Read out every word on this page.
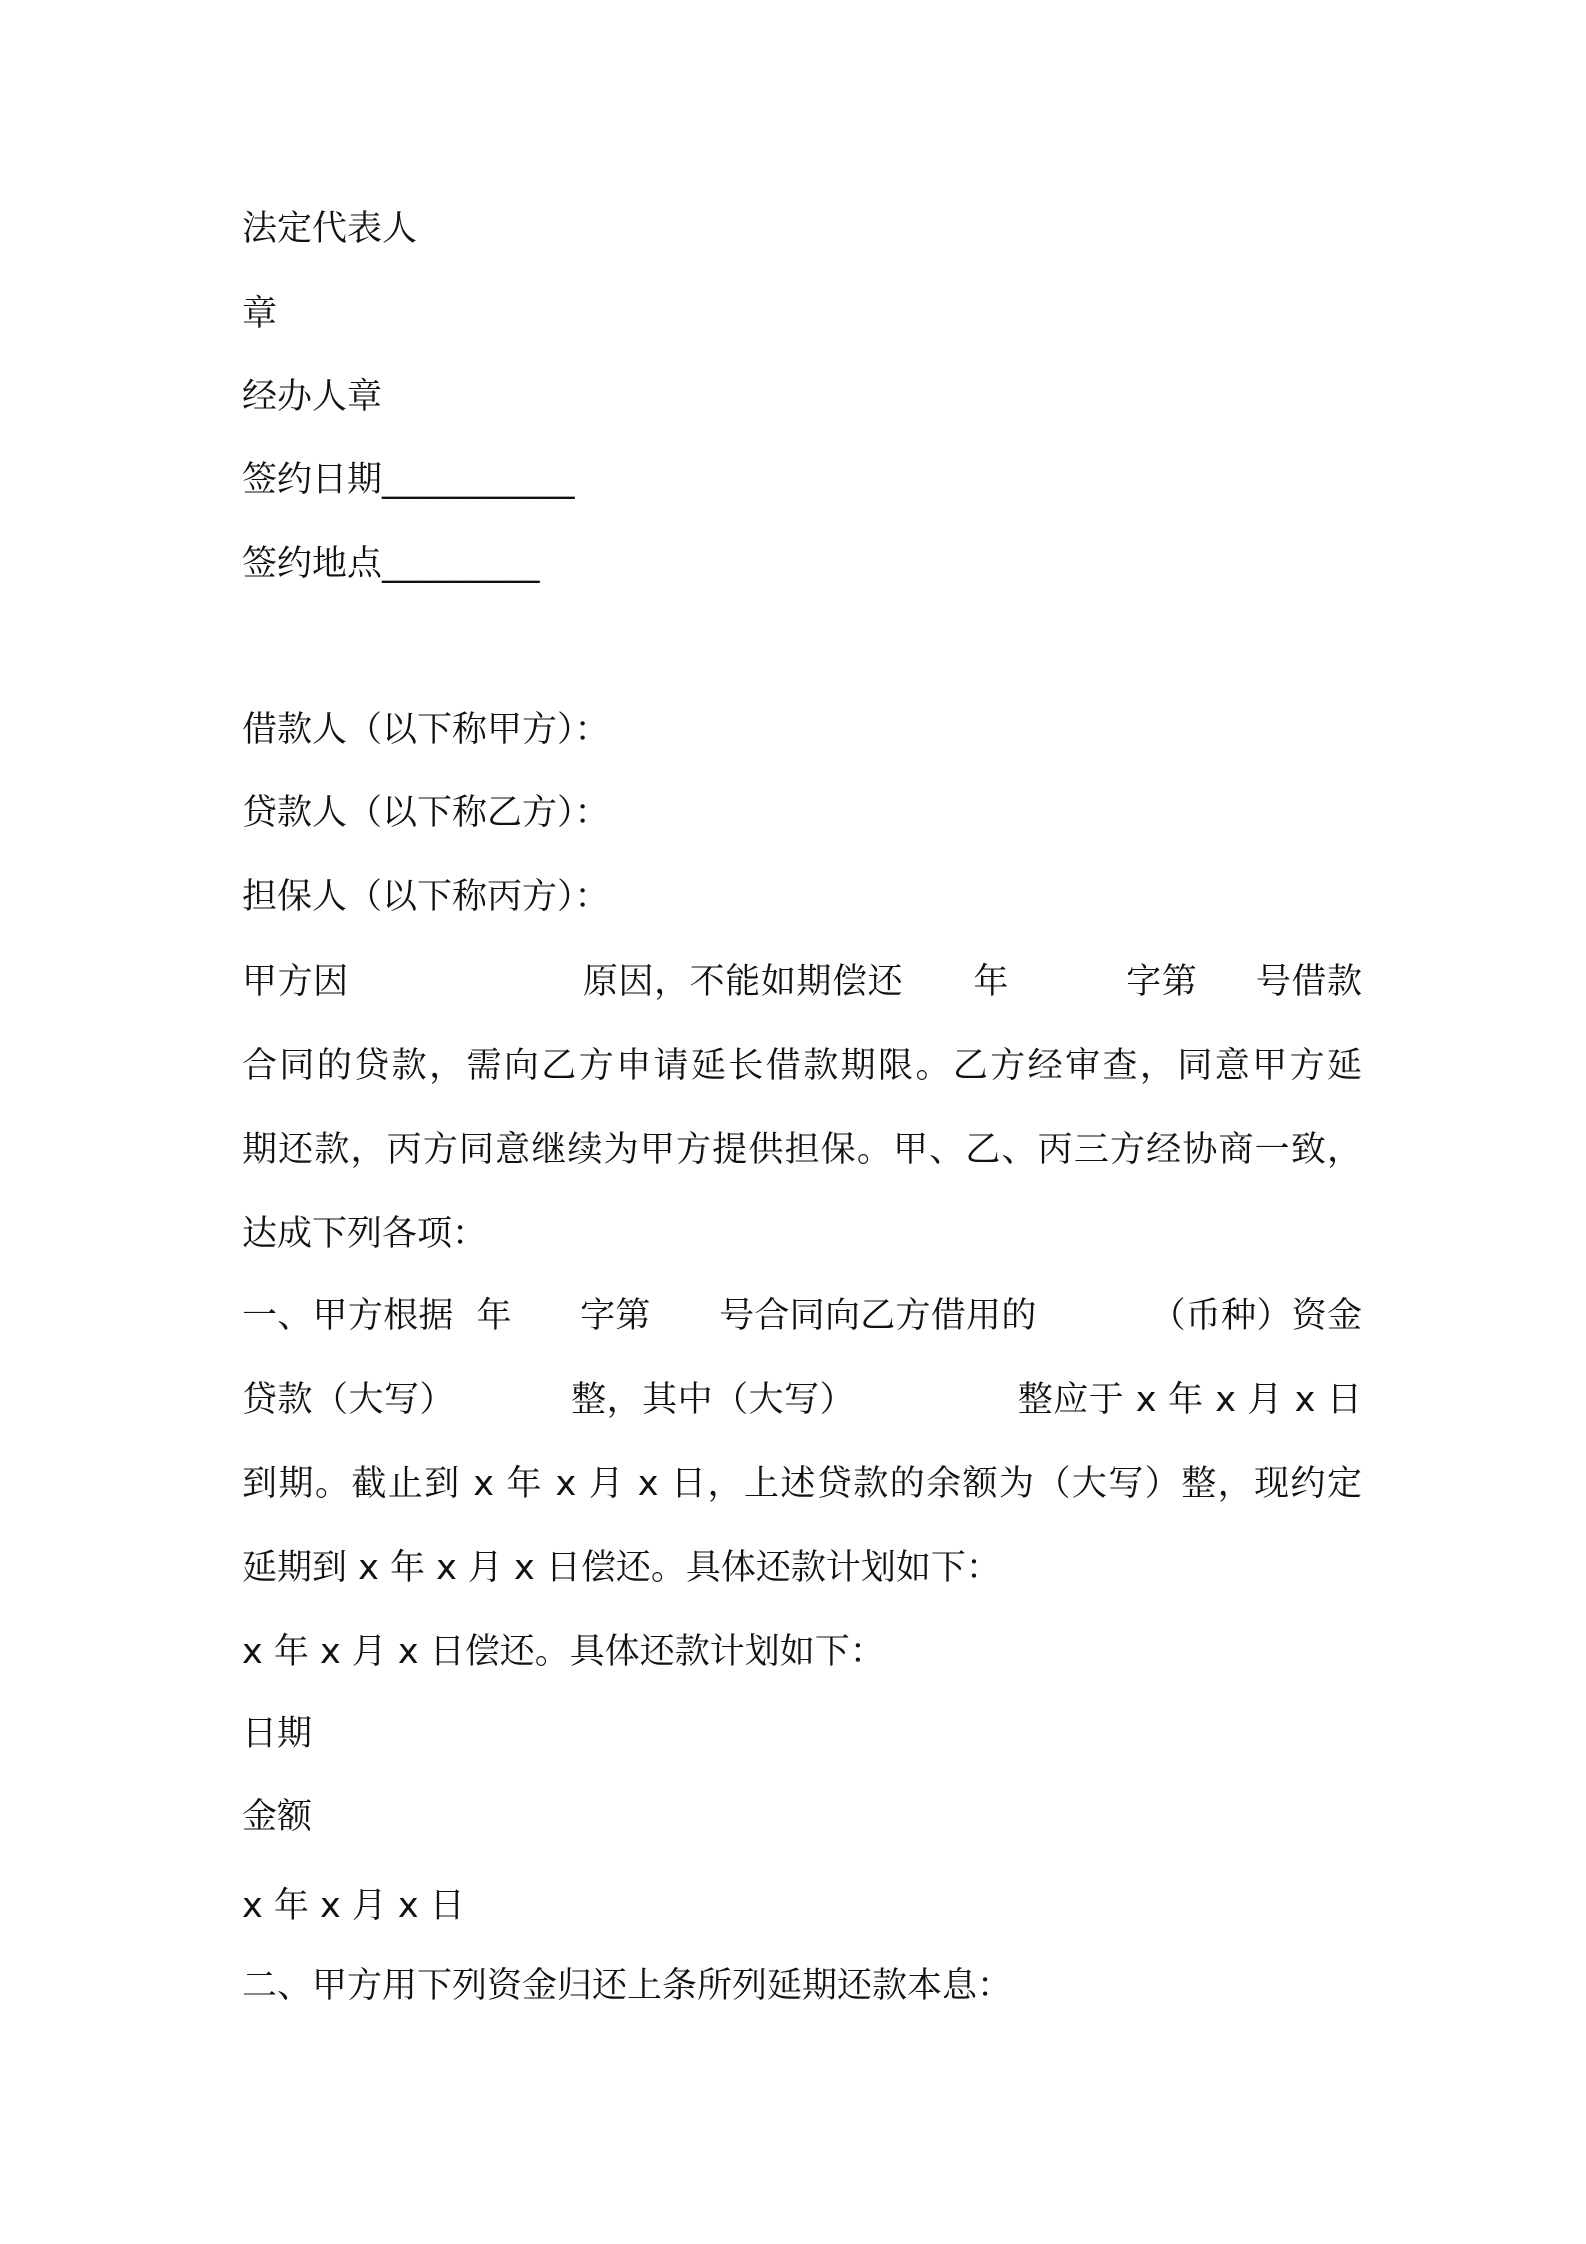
法定代表人
章
经办人章
签约日期___________
签约地点_________
借款人（以下称甲方）：
贷款人（以下称乙方）：
担保人（以下称丙方）：
甲方因                    原因，不能如期偿还      年          字第     号借款
合同的贷款，需向乙方申请延长借款期限。乙方经审查，同意甲方延
期还款，丙方同意继续为甲方提供担保。甲、乙、丙三方经协商一致，
达成下列各项：
一、甲方根据  年      字第      号合同向乙方借用的          （币种）资金
贷款（大写）          整，其中（大写）              整应于 x 年 x 月 x 日
到期。截止到 x 年 x 月 x 日，上述贷款的余额为（大写）整，现约定
延期到 x 年 x 月 x 日偿还。具体还款计划如下：
x 年 x 月 x 日偿还。具体还款计划如下：
日期
金额
x 年 x 月 x 日
二、甲方用下列资金归还上条所列延期还款本息：
